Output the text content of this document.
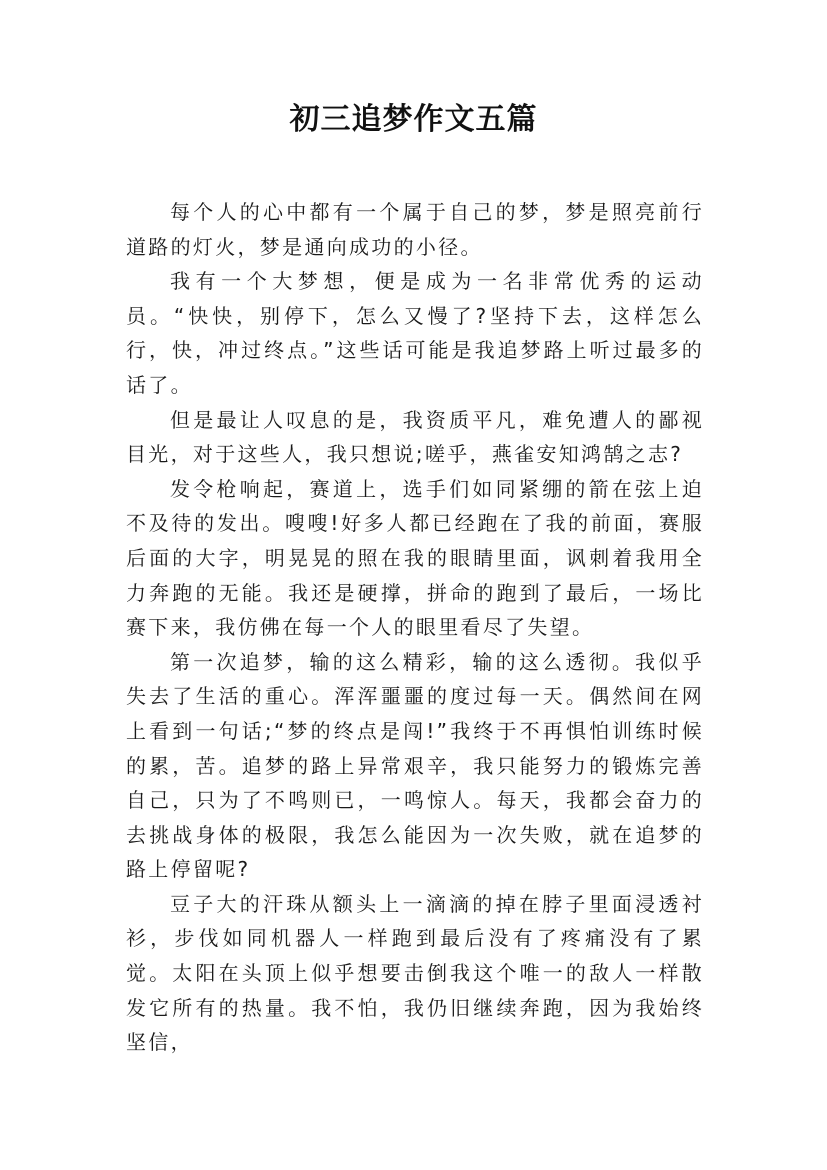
初三追梦作文五篇

每个人的心中都有一个属于自己的梦，梦是照亮前行道路的灯火，梦是通向成功的小径。

我有一个大梦想，便是成为一名非常优秀的运动员。“快快，别停下，怎么又慢了?坚持下去，这样怎么行，快，冲过终点。”这些话可能是我追梦路上听过最多的话了。

但是最让人叹息的是，我资质平凡，难免遭人的鄙视目光，对于这些人，我只想说;嗟乎，燕雀安知鸿鹄之志?

发令枪响起，赛道上，选手们如同紧绷的箭在弦上迫不及待的发出。嗖嗖!好多人都已经跑在了我的前面，赛服后面的大字，明晃晃的照在我的眼睛里面，讽刺着我用全力奔跑的无能。我还是硬撑，拼命的跑到了最后，一场比赛下来，我仿佛在每一个人的眼里看尽了失望。

第一次追梦，输的这么精彩，输的这么透彻。我似乎失去了生活的重心。浑浑噩噩的度过每一天。偶然间在网上看到一句话;“梦的终点是闯!”我终于不再惧怕训练时候的累，苦。追梦的路上异常艰辛，我只能努力的锻炼完善自己，只为了不鸣则已，一鸣惊人。每天，我都会奋力的去挑战身体的极限，我怎么能因为一次失败，就在追梦的路上停留呢?

豆子大的汗珠从额头上一滴滴的掉在脖子里面浸透衬衫，步伐如同机器人一样跑到最后没有了疼痛没有了累觉。太阳在头顶上似乎想要击倒我这个唯一的敌人一样散发它所有的热量。我不怕，我仍旧继续奔跑，因为我始终坚信，
